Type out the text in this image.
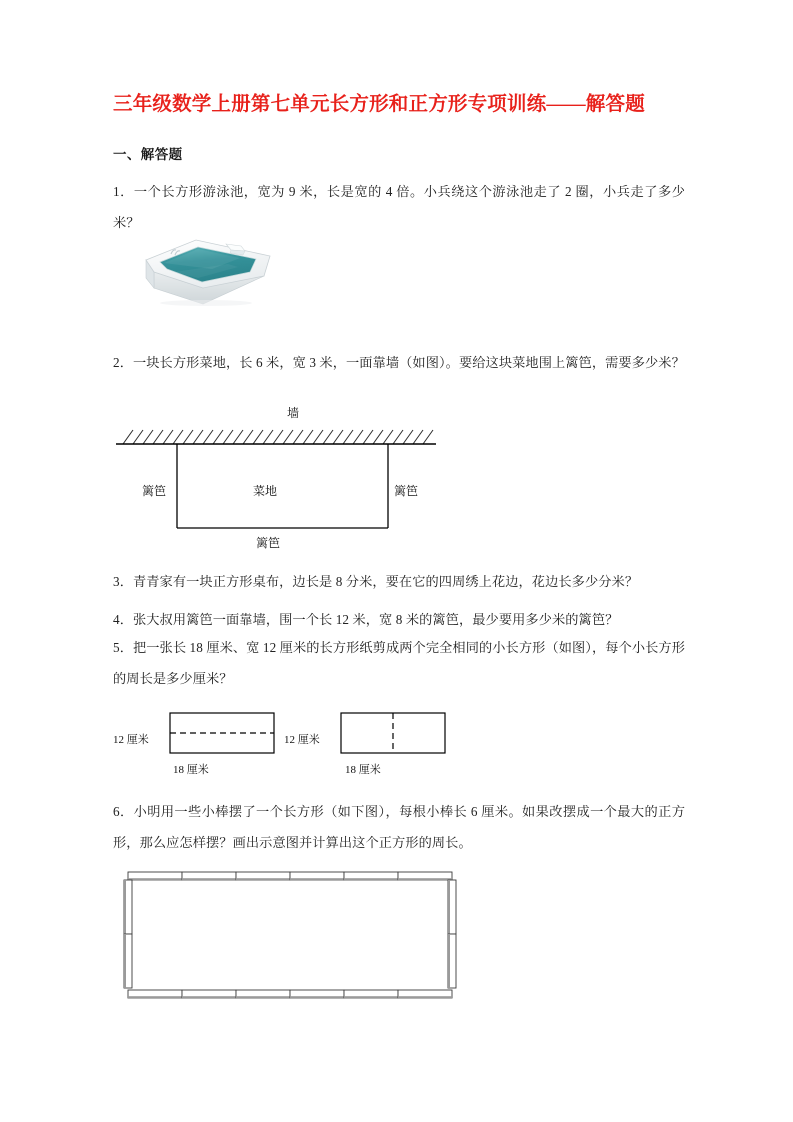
三年级数学上册第七单元长方形和正方形专项训练——解答题
一、解答题
1．一个长方形游泳池，宽为 9 米，长是宽的 4 倍。小兵绕这个游泳池走了 2 圈，小兵走了多少米？
2．一块长方形菜地，长 6 米，宽 3 米，一面靠墙（如图）。要给这块菜地围上篱笆，需要多少米？
墙
篱笆	菜地	篱笆
篱笆
3．青青家有一块正方形桌布，边长是 8 分米，要在它的四周绣上花边，花边长多少分米？
4．张大叔用篱笆一面靠墙，围一个长 12 米，宽 8 米的篱笆，最少要用多少米的篱笆？
5．把一张长 18 厘米、宽 12 厘米的长方形纸剪成两个完全相同的小长方形（如图），每个小长方形的周长是多少厘米？
12 厘米
18 厘米
12 厘米
18 厘米
6．小明用一些小棒摆了一个长方形（如下图），每根小棒长 6 厘米。如果改摆成一个最大的正方形，那么应怎样摆？画出示意图并计算出这个正方形的周长。
